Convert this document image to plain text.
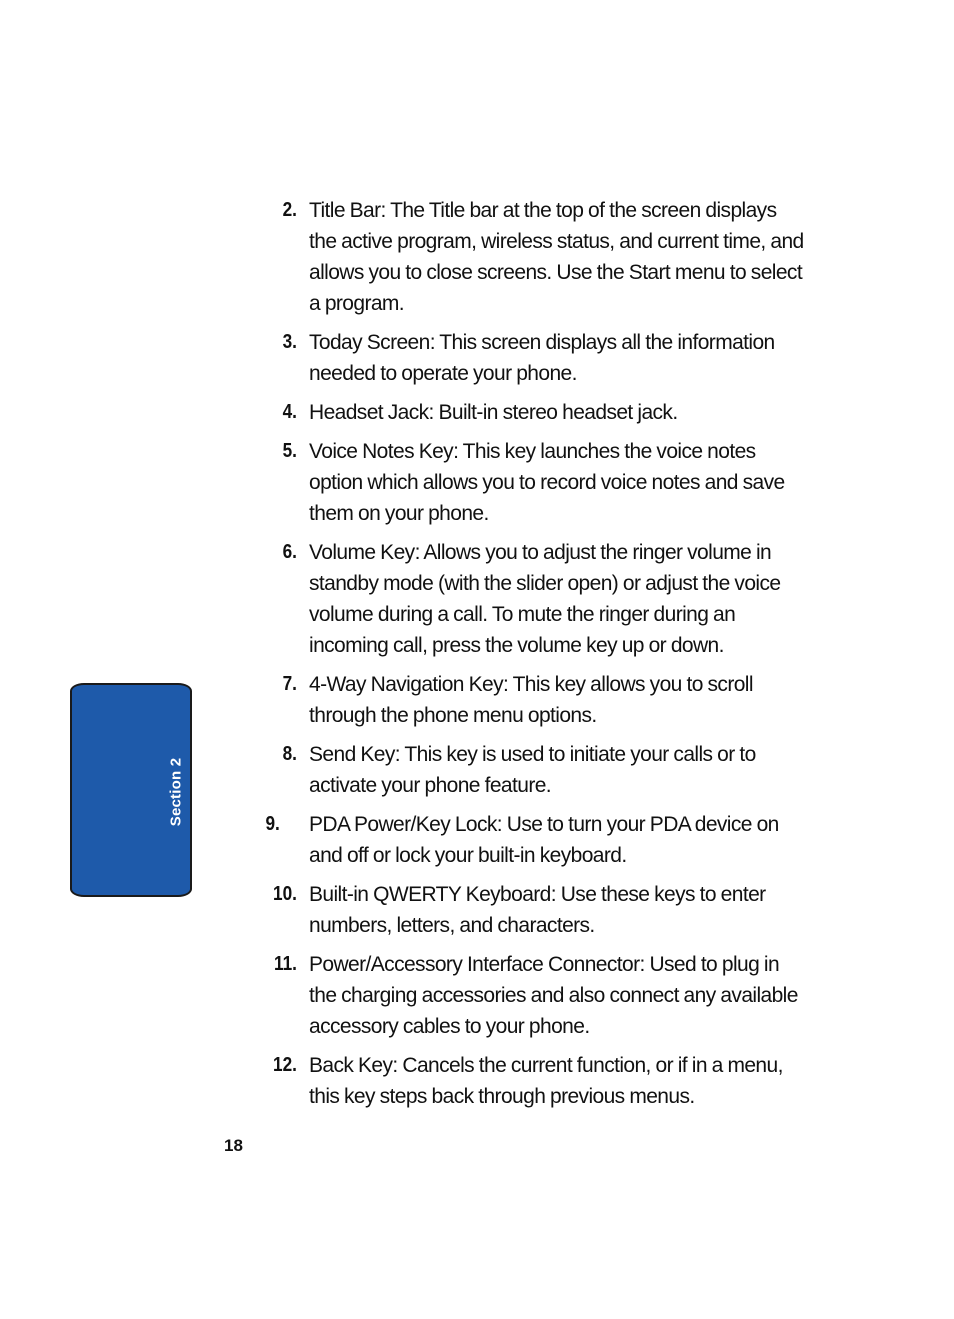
Section 2
2. Title Bar: The Title bar at the top of the screen displays the active program, wireless status, and current time, and allows you to close screens. Use the Start menu to select a program.
3. Today Screen: This screen displays all the information needed to operate your phone.
4. Headset Jack: Built-in stereo headset jack.
5. Voice Notes Key: This key launches the voice notes option which allows you to record voice notes and save them on your phone.
6. Volume Key: Allows you to adjust the ringer volume in standby mode (with the slider open) or adjust the voice volume during a call. To mute the ringer during an incoming call, press the volume key up or down.
7. 4-Way Navigation Key: This key allows you to scroll through the phone menu options.
8. Send Key: This key is used to initiate your calls or to activate your phone feature.
9.	PDA Power/Key Lock: Use to turn your PDA device on and off or lock your built-in keyboard.
10. Built-in QWERTY Keyboard: Use these keys to enter numbers, letters, and characters.
11. Power/Accessory Interface Connector: Used to plug in the charging accessories and also connect any available accessory cables to your phone.
12. Back Key: Cancels the current function, or if in a menu, this key steps back through previous menus.
18
